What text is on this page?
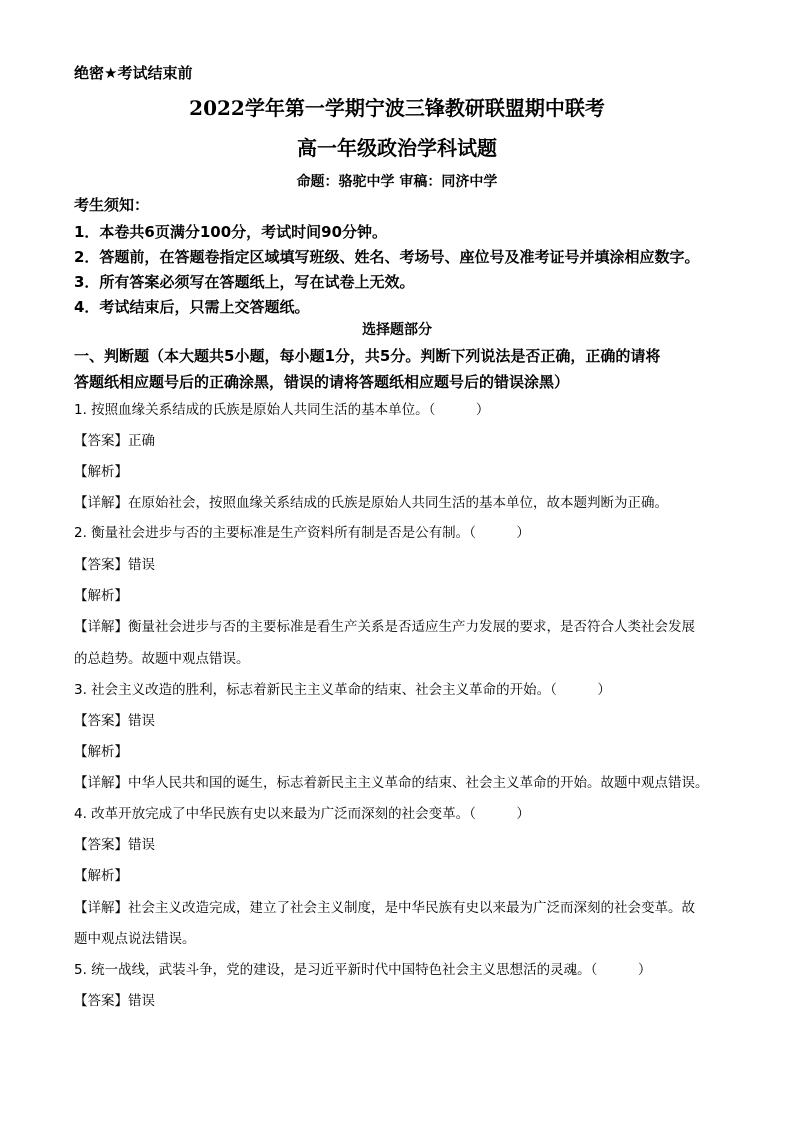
绝密★考试结束前
2022学年第一学期宁波三锋教研联盟期中联考
高一年级政治学科试题
命题：骆驼中学 审稿：同济中学
考生须知：
1．本卷共6页满分100分，考试时间90分钟。
2．答题前，在答题卷指定区域填写班级、姓名、考场号、座位号及准考证号并填涂相应数字。
3．所有答案必须写在答题纸上，写在试卷上无效。
4．考试结束后，只需上交答题纸。
选择题部分
一、判断题（本大题共5小题，每小题1分，共5分。判断下列说法是否正确，正确的请将
答题纸相应题号后的正确涂黑，错误的请将答题纸相应题号后的错误涂黑）
1. 按照血缘关系结成的氏族是原始人共同生活的基本单位。（　　　）
【答案】正确
【解析】
【详解】在原始社会，按照血缘关系结成的氏族是原始人共同生活的基本单位，故本题判断为正确。
2. 衡量社会进步与否的主要标准是生产资料所有制是否是公有制。（　　　）
【答案】错误
【解析】
【详解】衡量社会进步与否的主要标准是看生产关系是否适应生产力发展的要求，是否符合人类社会发展
的总趋势。故题中观点错误。
3. 社会主义改造的胜利，标志着新民主主义革命的结束、社会主义革命的开始。（　　　）
【答案】错误
【解析】
【详解】中华人民共和国的诞生，标志着新民主主义革命的结束、社会主义革命的开始。故题中观点错误。
4. 改革开放完成了中华民族有史以来最为广泛而深刻的社会变革。（　　　）
【答案】错误
【解析】
【详解】社会主义改造完成，建立了社会主义制度，是中华民族有史以来最为广泛而深刻的社会变革。故
题中观点说法错误。
5. 统一战线，武装斗争，党的建设，是习近平新时代中国特色社会主义思想活的灵魂。（　　　）
【答案】错误
